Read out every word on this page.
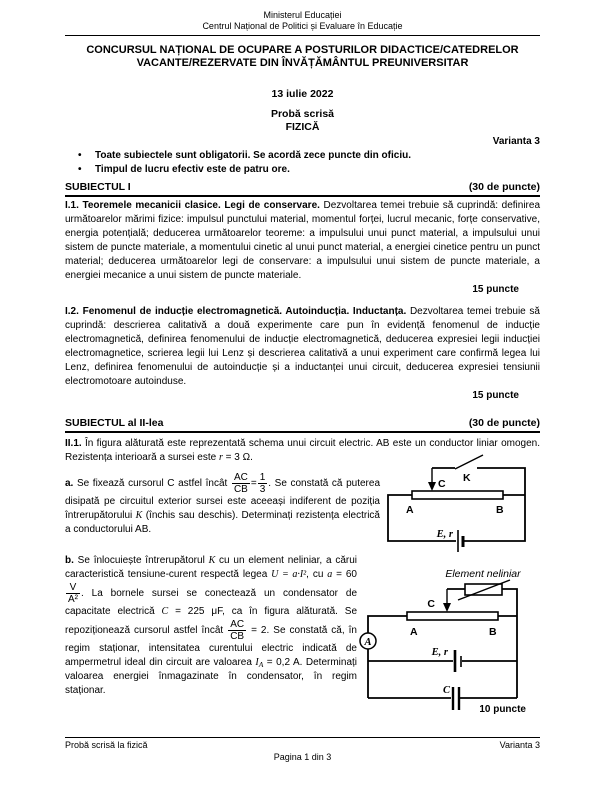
Ministerul Educației
Centrul Național de Politici și Evaluare în Educație
CONCURSUL NAȚIONAL DE OCUPARE A POSTURILOR DIDACTICE/CATEDRELOR
VACANTE/REZERVATE DIN ÎNVĂȚĂMÂNTUL PREUNIVERSITAR
13 iulie 2022
Probă scrisă
FIZICĂ
Varianta 3
•	Toate subiectele sunt obligatorii. Se acordă zece puncte din oficiu.
•	Timpul de lucru efectiv este de patru ore.
SUBIECTUL I	(30 de puncte)

I.1. Teoremele mecanicii clasice. Legi de conservare. Dezvoltarea temei trebuie să cuprindă: definirea următoarelor mărimi fizice: impulsul punctului material, momentul forței, lucrul mecanic, forțe conservative, energia potențială; deducerea următoarelor teoreme: a impulsului unui punct material, a impulsului unui sistem de puncte materiale, a momentului cinetic al unui punct material, a energiei cinetice pentru un punct material; deducerea următoarelor legi de conservare: a impulsului unui sistem de puncte materiale, a energiei mecanice a unui sistem de puncte materiale.

15 puncte

I.2. Fenomenul de inducție electromagnetică. Autoinducția. Inductanța. Dezvoltarea temei trebuie să cuprindă: descrierea calitativă a două experimente care pun în evidență fenomenul de inducție electromagnetică, definirea fenomenului de inducție electromagnetică, deducerea expresiei legii inducției electromagnetice, scrierea legii lui Lenz și descrierea calitativă a unui experiment care confirmă legea lui Lenz, definirea fenomenului de autoinducție și a inductanței unui circuit, deducerea expresiei tensiunii electromotoare autoinduse.

15 puncte
SUBIECTUL al II-lea	(30 de puncte)

II.1. În figura alăturată este reprezentată schema unui circuit electric. AB este un conductor liniar omogen. Rezistența interioară a sursei este r = 3 Ω.

a. Se fixează cursorul C astfel încât $\frac{AC}{CB} = \frac{1}{3}$ . Se constată că puterea disipată pe circuitul exterior sursei este aceeași indiferent de poziția întrerupătorului K (închis sau deschis). Determinați rezistența electrică a conductorului AB.

b. Se înlocuiește întrerupătorul K cu un element neliniar, a cărui caracteristică tensiune-curent respectă legea U = a·I², cu a = 60
$\frac{V}{\text{A²}}$ . La bornele sursei se conectează un condensator de capacitate electrică C = 225 μF, ca în figura alăturată. Se repoziționează cursorul astfel încât $\frac{AC}{CB} = 2$. Se constată că, în regim staționar, intensitatea curentului electric indicată de ampermetrul ideal din circuit are valoarea $I_A = 0,2$ A. Determinați valoarea energiei înmagazinate în condensator, în regim staționar.

10 puncte
K
C
A	B
E, r
Element neliniar
C
A	B
A
E, r
C
Probă scrisă la fizică	Varianta 3
Pagina 1 din 3
